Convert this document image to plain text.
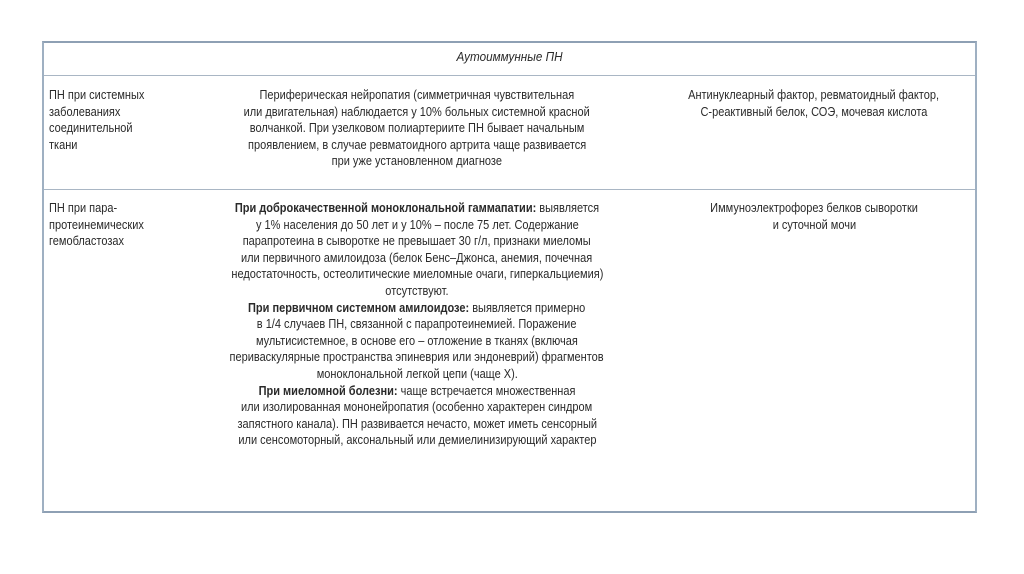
Аутоиммунные ПН
ПН при системных
заболеваниях
соединительной
ткани
Периферическая нейропатия (симметричная чувствительная
или двигательная) наблюдается у 10% больных системной красной
волчанкой. При узелковом полиартериите ПН бывает начальным
проявлением, в случае ревматоидного артрита чаще развивается
при уже установленном диагнозе
Антинуклеарный фактор, ревматоидный фактор,
С-реактивный белок, СОЭ, мочевая кислота
ПН при пара-
протеинемических
гемобластозах
При доброкачественной моноклональной гаммапатии: выявляется
у 1% населения до 50 лет и у 10% – после 75 лет. Содержание
парапротеина в сыворотке не превышает 30 г/л, признаки миеломы
или первичного амилоидоза (белок Бенс–Джонса, анемия, почечная
недостаточность, остеолитические миеломные очаги, гиперкальциемия)
отсутствуют.
При первичном системном амилоидозе: выявляется примерно
в 1/4 случаев ПН, связанной с парапротеинемией. Поражение
мультисистемное, в основе его – отложение в тканях (включая
периваскулярные пространства эпиневрия или эндоневрий) фрагментов
моноклональной легкой цепи (чаще X).
При миеломной болезни: чаще встречается множественная
или изолированная мононейропатия (особенно характерен синдром
запястного канала). ПН развивается нечасто, может иметь сенсорный
или сенсомоторный, аксональный или демиелинизирующий характер
Иммуноэлектрофорез белков сыворотки
и суточной мочи
